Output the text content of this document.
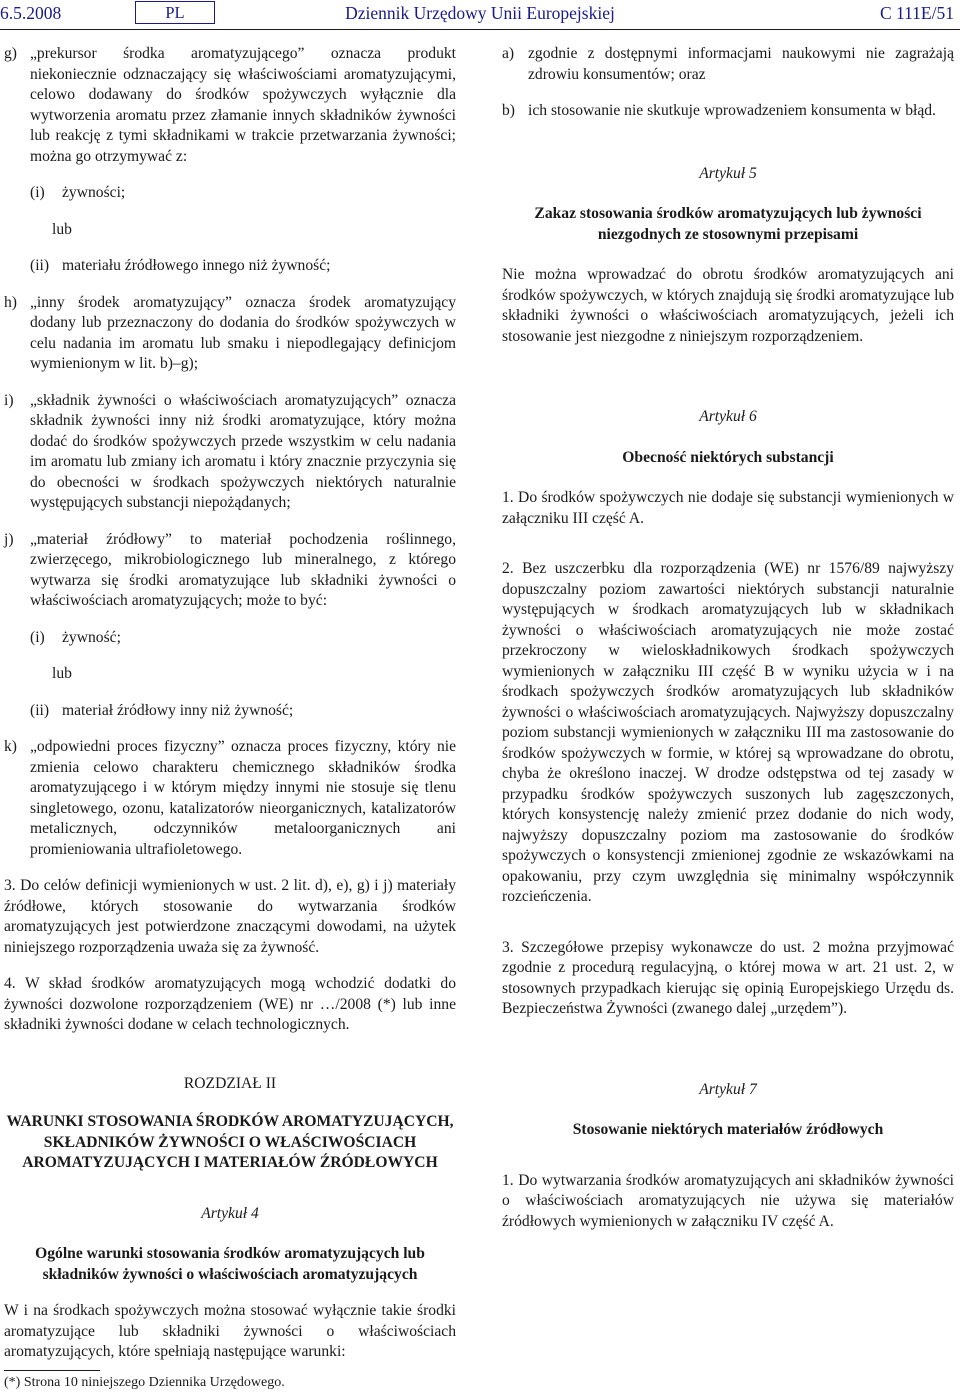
6.5.2008	PL	Dziennik Urzędowy Unii Europejskiej	C 111E/51
g) „prekursor środka aromatyzującego” oznacza produkt niekoniecznie odznaczający się właściwościami aromatyzującymi, celowo dodawany do środków spożywczych wyłącznie dla wytworzenia aromatu przez złamanie innych składników żywności lub reakcję z tymi składnikami w trakcie przetwarzania żywności; można go otrzymywać z:
(i)	żywności;

lub

(ii) materiału źródłowego innego niż żywność;
h) „inny środek aromatyzujący” oznacza środek aromatyzujący dodany lub przeznaczony do dodania do środków spożywczych w celu nadania im aromatu lub smaku i niepodlegający definicjom wymienionym w lit. b)–g);
i)	„składnik żywności o właściwościach aromatyzujących” oznacza składnik żywności inny niż środki aromatyzujące, który można dodać do środków spożywczych przede wszystkim w celu nadania im aromatu lub zmiany ich aromatu i który znacznie przyczynia się do obecności w środkach spożywczych niektórych naturalnie występujących substancji niepożądanych;
j)	„materiał źródłowy” to materiał pochodzenia roślinnego, zwierzęcego, mikrobiologicznego lub mineralnego, z którego wytwarza się środki aromatyzujące lub składniki żywności o właściwościach aromatyzujących; może to być:
(i)	żywność;

lub

(ii) materiał źródłowy inny niż żywność;
k) „odpowiedni proces fizyczny” oznacza proces fizyczny, który nie zmienia celowo charakteru chemicznego składników środka aromatyzującego i w którym między innymi nie stosuje się tlenu singletowego, ozonu, katalizatorów nieorganicznych, katalizatorów metalicznych, odczynników metaloorganicznych ani promieniowania ultrafioletowego.

3. Do celów definicji wymienionych w ust. 2 lit. d), e), g) i j) materiały źródłowe, których stosowanie do wytwarzania środków aromatyzujących jest potwierdzone znaczącymi dowodami, na użytek niniejszego rozporządzenia uważa się za żywność.

4. W skład środków aromatyzujących mogą wchodzić dodatki do żywności dozwolone rozporządzeniem (WE) nr …/2008 (*) lub inne składniki żywności dodane w celach technologicznych.

ROZDZIAŁ II

WARUNKI STOSOWANIA ŚRODKÓW AROMATYZUJĄCYCH, SKŁADNIKÓW ŻYWNOŚCI O WŁAŚCIWOŚCIACH AROMATYZUJĄCYCH I MATERIAŁÓW ŹRÓDŁOWYCH

Artykuł 4

Ogólne warunki stosowania środków aromatyzujących lub składników żywności o właściwościach aromatyzujących

W i na środkach spożywczych można stosować wyłącznie takie środki aromatyzujące lub składniki żywności o właściwościach aromatyzujących, które spełniają następujące warunki:

(*) Strona 10 niniejszego Dziennika Urzędowego.
a) zgodnie z dostępnymi informacjami naukowymi nie zagrażają zdrowiu konsumentów; oraz
b) ich stosowanie nie skutkuje wprowadzeniem konsumenta w błąd.

Artykuł 5

Zakaz stosowania środków aromatyzujących lub żywności niezgodnych ze stosownymi przepisami

Nie można wprowadzać do obrotu środków aromatyzujących ani środków spożywczych, w których znajdują się środki aromatyzujące lub składniki żywności o właściwościach aromatyzujących, jeżeli ich stosowanie jest niezgodne z niniejszym rozporządzeniem.

Artykuł 6

Obecność niektórych substancji

1. Do środków spożywczych nie dodaje się substancji wymienionych w załączniku III część A.

2. Bez uszczerbku dla rozporządzenia (WE) nr 1576/89 najwyższy dopuszczalny poziom zawartości niektórych substancji naturalnie występujących w środkach aromatyzujących lub w składnikach żywności o właściwościach aromatyzujących nie może zostać przekroczony w wieloskładnikowych środkach spożywczych wymienionych w załączniku III część B w wyniku użycia w i na środkach spożywczych środków aromatyzujących lub składników żywności o właściwościach aromatyzujących. Najwyższy dopuszczalny poziom substancji wymienionych w załączniku III ma zastosowanie do środków spożywczych w formie, w której są wprowadzane do obrotu, chyba że określono inaczej. W drodze odstępstwa od tej zasady w przypadku środków spożywczych suszonych lub zagęszczonych, których konsystencję należy zmienić przez dodanie do nich wody, najwyższy dopuszczalny poziom ma zastosowanie do środków spożywczych o konsystencji zmienionej zgodnie ze wskazówkami na opakowaniu, przy czym uwzględnia się minimalny współczynnik rozcieńczenia.

3. Szczegółowe przepisy wykonawcze do ust. 2 można przyjmować zgodnie z procedurą regulacyjną, o której mowa w art. 21 ust. 2, w stosownych przypadkach kierując się opinią Europejskiego Urzędu ds. Bezpieczeństwa Żywności (zwanego dalej „urzędem”).

Artykuł 7

Stosowanie niektórych materiałów źródłowych

1. Do wytwarzania środków aromatyzujących ani składników żywności o właściwościach aromatyzujących nie używa się materiałów źródłowych wymienionych w załączniku IV część A.
